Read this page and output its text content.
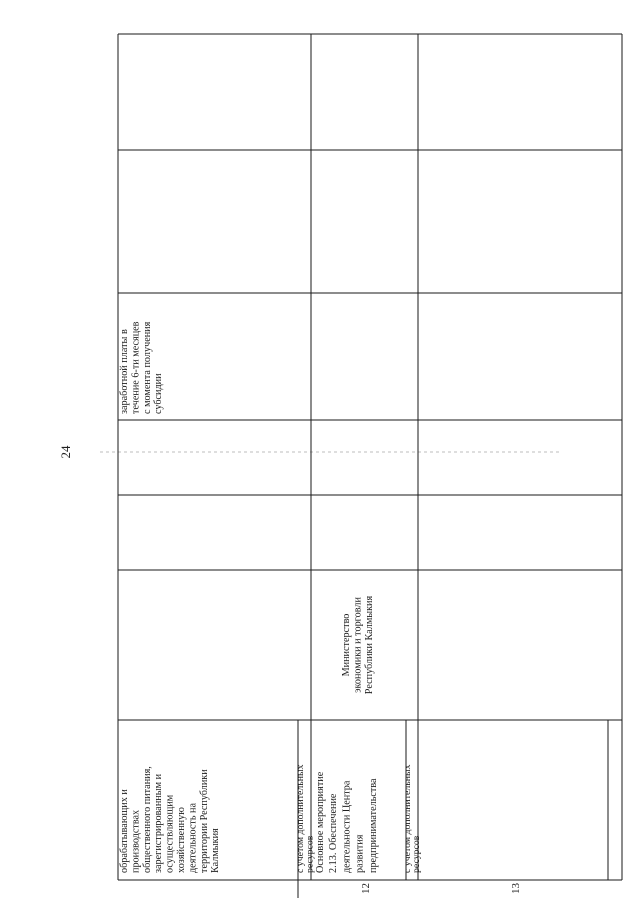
24
12	13
обрабатывающих и производствах общественного питания, зарегистрированным и осуществляющим хозяйственную деятельность на территории Республики Калмыкия	с учетом дополнительных
ресурсов
заработной платы в течение 6-ти месяцев с момента получения субсидии
Основное мероприятие 2.13. Обеспечение деятельности Центра развития предпринимательства с учетом дополнительных
ресурсов
Министерство экономики и торговли Республики Калмыкия
